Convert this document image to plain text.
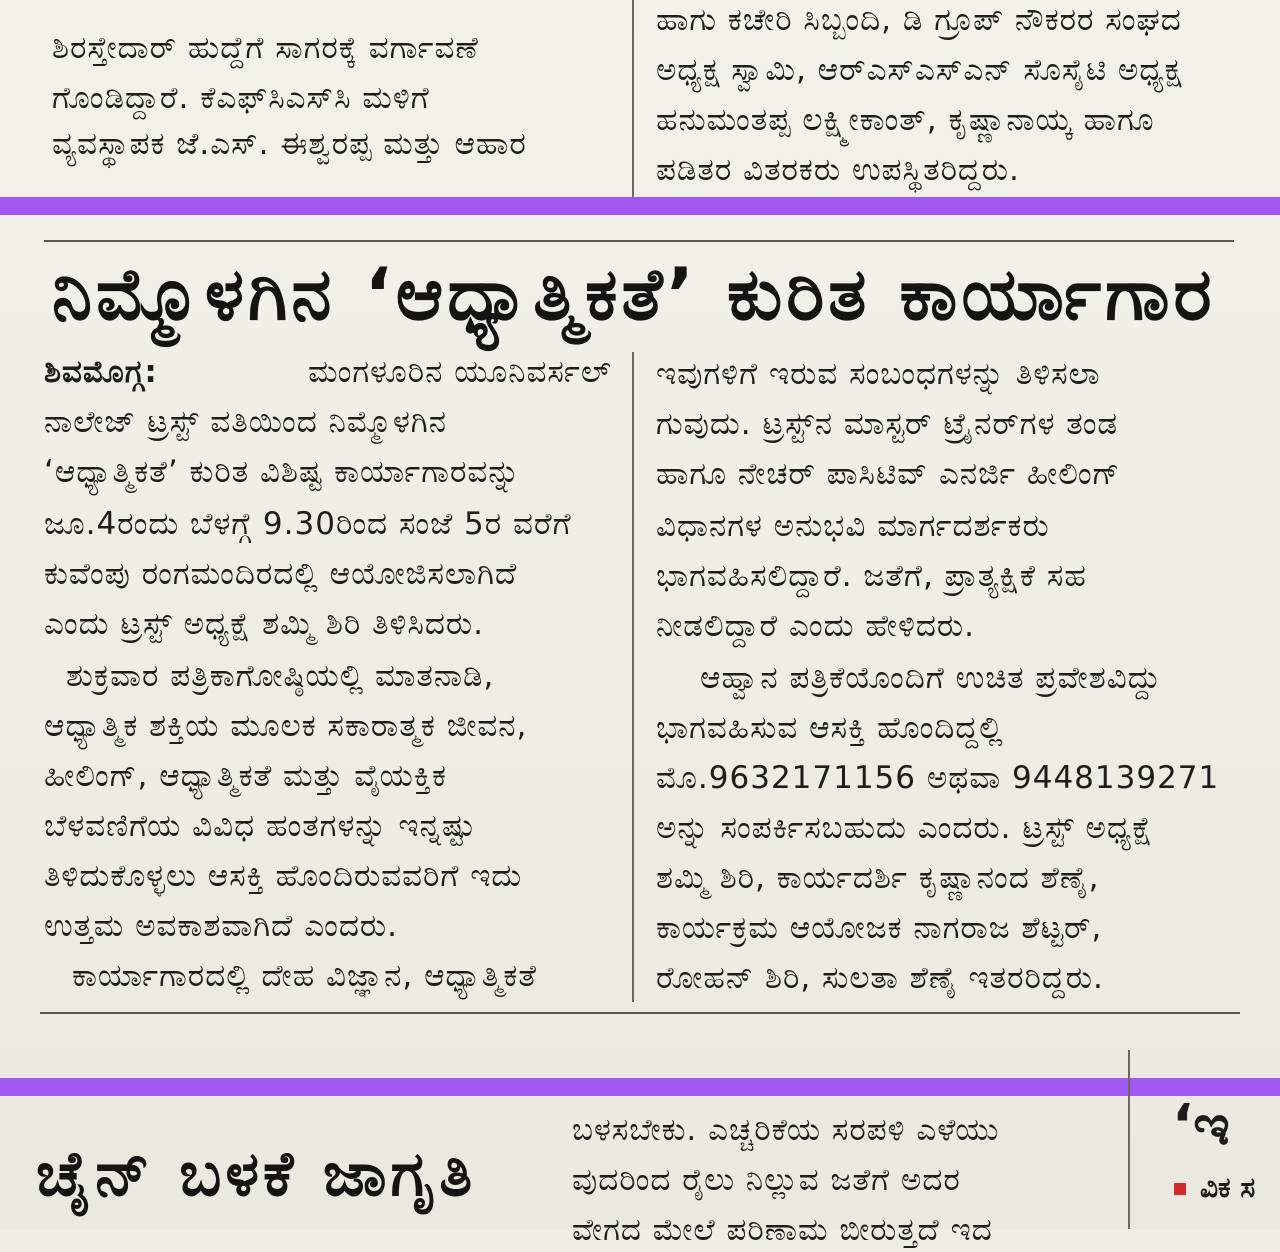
ಶಿರಸ್ತೇದಾರ್ ಹುದ್ದೆಗೆ ಸಾಗರಕ್ಕೆ ವರ್ಗಾವಣೆ
ಗೊಂಡಿದ್ದಾರೆ. ಕೆಎಫ್‌ಸಿಎಸ್‌ಸಿ ಮಳಿಗೆ
ವ್ಯವಸ್ಥಾಪಕ ಜೆ.ಎಸ್. ಈಶ್ವರಪ್ಪ ಮತ್ತು ಆಹಾರ
ಹಾಗು ಕಚೇರಿ ಸಿಬ್ಬಂದಿ, ಡಿ ಗ್ರೂಪ್ ನೌಕರರ ಸಂಘದ
ಅಧ್ಯಕ್ಷ ಸ್ವಾಮಿ, ಆರ್‌ಎಸ್‌ಎಸ್‌ಎನ್ ಸೊಸೈಟಿ ಅಧ್ಯಕ್ಷ
ಹನುಮಂತಪ್ಪ ಲಕ್ಷ್ಮೀಕಾಂತ್, ಕೃಷ್ಣಾನಾಯ್ಕ ಹಾಗೂ
ಪಡಿತರ ವಿತರಕರು ಉಪಸ್ಥಿತರಿದ್ದರು.
ನಿಮ್ಮೊಳಗಿನ ‘ಆಧ್ಯಾತ್ಮಿಕತೆ’ ಕುರಿತ ಕಾರ್ಯಾಗಾರ
ಶಿವಮೊಗ್ಗ:	ಮಂಗಳೂರಿನ ಯೂನಿವರ್ಸಲ್
ನಾಲೇಜ್ ಟ್ರಸ್ಟ್ ವತಿಯಿಂದ ನಿಮ್ಮೊಳಗಿನ
‘ಆಧ್ಯಾತ್ಮಿಕತೆ’ ಕುರಿತ ವಿಶಿಷ್ಟ ಕಾರ್ಯಾಗಾರವನ್ನು
ಜೂ.4ರಂದು ಬೆಳಗ್ಗೆ 9.30ರಿಂದ ಸಂಜೆ 5ರ ವರೆಗೆ
ಕುವೆಂಪು ರಂಗಮಂದಿರದಲ್ಲಿ ಆಯೋಜಿಸಲಾಗಿದೆ
ಎಂದು ಟ್ರಸ್ಟ್ ಅಧ್ಯಕ್ಷೆ ಶಮ್ಮಿ ಶಿರಿ ತಿಳಿಸಿದರು.
ಶುಕ್ರವಾರ ಪತ್ರಿಕಾಗೋಷ್ಠಿಯಲ್ಲಿ ಮಾತನಾಡಿ,
ಆಧ್ಯಾತ್ಮಿಕ ಶಕ್ತಿಯ ಮೂಲಕ ಸಕಾರಾತ್ಮಕ ಜೀವನ,
ಹೀಲಿಂಗ್, ಆಧ್ಯಾತ್ಮಿಕತೆ ಮತ್ತು ವೈಯಕ್ತಿಕ
ಬೆಳವಣಿಗೆಯ ವಿವಿಧ ಹಂತಗಳನ್ನು ಇನ್ನಷ್ಟು
ತಿಳಿದುಕೊಳ್ಳಲು ಆಸಕ್ತಿ ಹೊಂದಿರುವವರಿಗೆ ಇದು
ಉತ್ತಮ ಅವಕಾಶವಾಗಿದೆ ಎಂದರು.
ಕಾರ್ಯಾಗಾರದಲ್ಲಿ ದೇಹ ವಿಜ್ಞಾನ, ಆಧ್ಯಾತ್ಮಿಕತೆ
ಇವುಗಳಿಗೆ ಇರುವ ಸಂಬಂಧಗಳನ್ನು ತಿಳಿಸಲಾ
ಗುವುದು. ಟ್ರಸ್ಟ್‌ನ ಮಾಸ್ಟರ್ ಟ್ರೈನರ್‌ಗಳ ತಂಡ
ಹಾಗೂ ನೇಚರ್ ಪಾಸಿಟಿವ್ ಎನರ್ಜಿ ಹೀಲಿಂಗ್
ವಿಧಾನಗಳ ಅನುಭವಿ ಮಾರ್ಗದರ್ಶಕರು
ಭಾಗವಹಿಸಲಿದ್ದಾರೆ. ಜತೆಗೆ, ಪ್ರಾತ್ಯಕ್ಷಿಕೆ ಸಹ
ನೀಡಲಿದ್ದಾರೆ ಎಂದು ಹೇಳಿದರು.
ಆಹ್ವಾನ ಪತ್ರಿಕೆಯೊಂದಿಗೆ ಉಚಿತ ಪ್ರವೇಶವಿದ್ದು
ಭಾಗವಹಿಸುವ ಆಸಕ್ತಿ ಹೊಂದಿದ್ದಲ್ಲಿ
ಮೊ.9632171156 ಅಥವಾ 9448139271
ಅನ್ನು ಸಂಪರ್ಕಿಸಬಹುದು ಎಂದರು. ಟ್ರಸ್ಟ್ ಅಧ್ಯಕ್ಷೆ
ಶಮ್ಮಿ ಶಿರಿ, ಕಾರ್ಯದರ್ಶಿ ಕೃಷ್ಣಾನಂದ ಶೆಣೈ,
ಕಾರ್ಯಕ್ರಮ ಆಯೋಜಕ ನಾಗರಾಜ ಶೆಟ್ಟರ್,
ರೋಹನ್ ಶಿರಿ, ಸುಲತಾ ಶೆಣೈ ಇತರರಿದ್ದರು.
ಚೈನ್ ಬಳಕೆ ಜಾಗೃತಿ
ಬಳಸಬೇಕು. ಎಚ್ಚರಿಕೆಯ ಸರಪಳಿ ಎಳೆಯು
ವುದರಿಂದ ರೈಲು ನಿಲ್ಲುವ ಜತೆಗೆ ಅದರ
ವೇಗದ ಮೇಲೆ ಪರಿಣಾಮ ಬೀರುತ್ತದೆ ಇದ
‘ಇ
ವಿಕ ಸ
